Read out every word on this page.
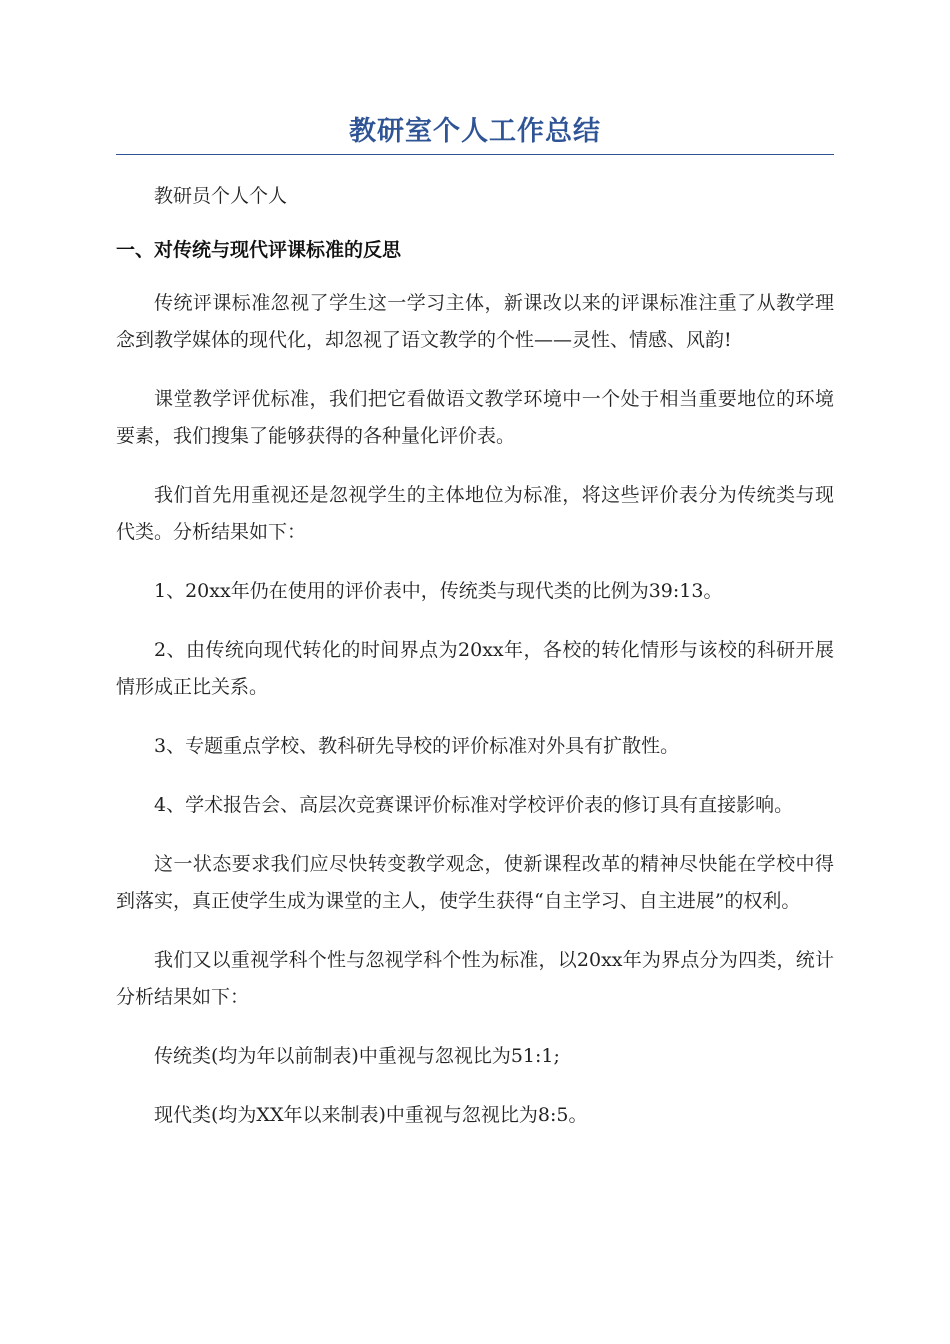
教研室个人工作总结

教研员个人个人

一、对传统与现代评课标准的反思

传统评课标准忽视了学生这一学习主体，新课改以来的评课标准注重了从教学理念到教学媒体的现代化，却忽视了语文教学的个性——灵性、情感、风韵!

课堂教学评优标准，我们把它看做语文教学环境中一个处于相当重要地位的环境要素，我们搜集了能够获得的各种量化评价表。

我们首先用重视还是忽视学生的主体地位为标准，将这些评价表分为传统类与现代类。分析结果如下：

1、20xx年仍在使用的评价表中，传统类与现代类的比例为39:13。

2、由传统向现代转化的时间界点为20xx年，各校的转化情形与该校的科研开展情形成正比关系。

3、专题重点学校、教科研先导校的评价标准对外具有扩散性。

4、学术报告会、高层次竞赛课评价标准对学校评价表的修订具有直接影响。

这一状态要求我们应尽快转变教学观念，使新课程改革的精神尽快能在学校中得到落实，真正使学生成为课堂的主人，使学生获得“自主学习、自主进展”的权利。

我们又以重视学科个性与忽视学科个性为标准，以20xx年为界点分为四类，统计分析结果如下：

传统类(均为年以前制表)中重视与忽视比为51:1;

现代类(均为XX年以来制表)中重视与忽视比为8:5。
